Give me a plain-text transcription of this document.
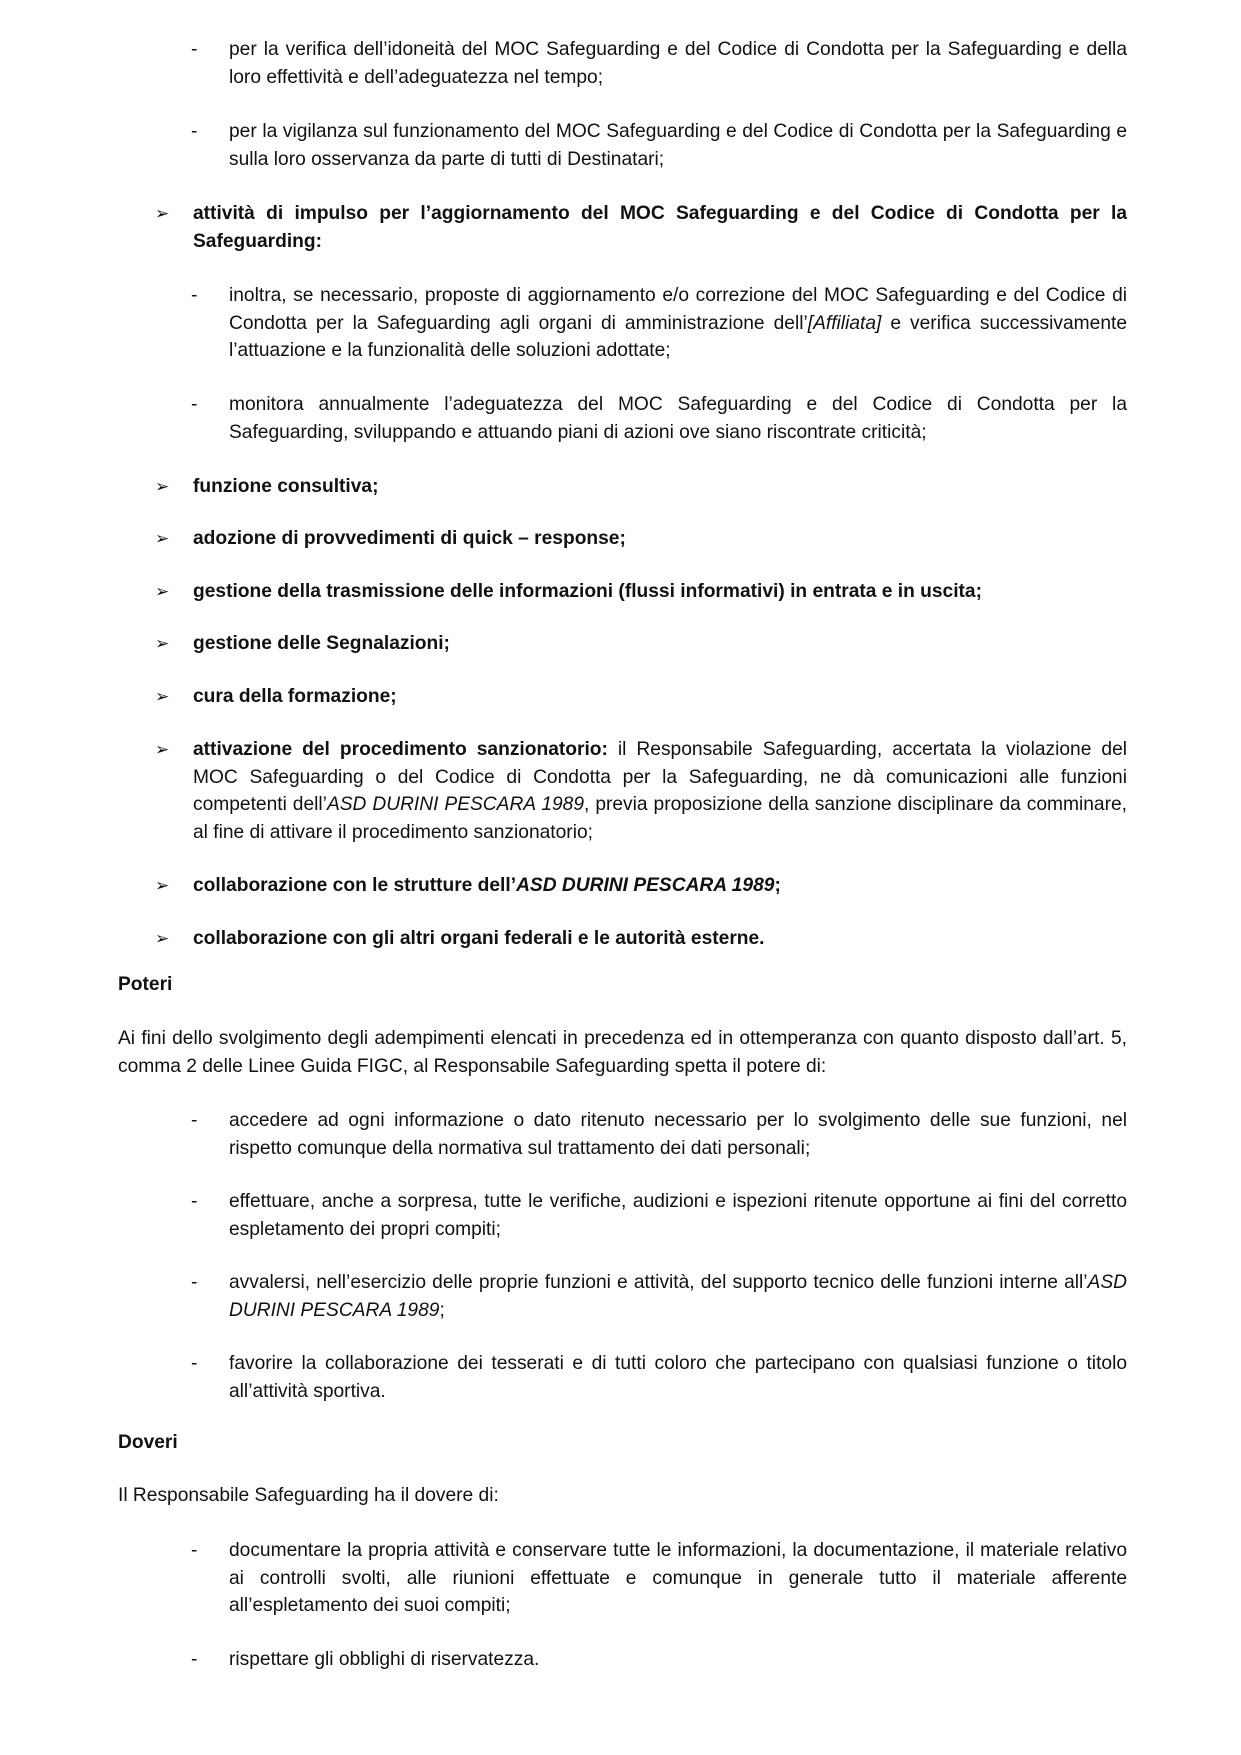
- per la verifica dell’idoneità del MOC Safeguarding e del Codice di Condotta per la Safeguarding e della loro effettività e dell’adeguatezza nel tempo;

- per la vigilanza sul funzionamento del MOC Safeguarding e del Codice di Condotta per la Safeguarding e sulla loro osservanza da parte di tutti di Destinatari;

➢ attività di impulso per l’aggiornamento del MOC Safeguarding e del Codice di Condotta per la Safeguarding:

- inoltra, se necessario, proposte di aggiornamento e/o correzione del MOC Safeguarding e del Codice di Condotta per la Safeguarding agli organi di amministrazione dell’[Affiliata] e verifica successivamente l’attuazione e la funzionalità delle soluzioni adottate;

- monitora annualmente l’adeguatezza del MOC Safeguarding e del Codice di Condotta per la Safeguarding, sviluppando e attuando piani di azioni ove siano riscontrate criticità;

➢ funzione consultiva;

➢ adozione di provvedimenti di quick – response;

➢ gestione della trasmissione delle informazioni (flussi informativi) in entrata e in uscita;

➢ gestione delle Segnalazioni;

➢ cura della formazione;

➢ attivazione del procedimento sanzionatorio: il Responsabile Safeguarding, accertata la violazione del MOC Safeguarding o del Codice di Condotta per la Safeguarding, ne dà comunicazioni alle funzioni competenti dell’ASD DURINI PESCARA 1989, previa proposizione della sanzione disciplinare da comminare, al fine di attivare il procedimento sanzionatorio;

➢ collaborazione con le strutture dell’ASD DURINI PESCARA 1989;

➢ collaborazione con gli altri organi federali e le autorità esterne.

Poteri

Ai fini dello svolgimento degli adempimenti elencati in precedenza ed in ottemperanza con quanto disposto dall’art. 5, comma 2 delle Linee Guida FIGC, al Responsabile Safeguarding spetta il potere di:

- accedere ad ogni informazione o dato ritenuto necessario per lo svolgimento delle sue funzioni, nel rispetto comunque della normativa sul trattamento dei dati personali;

- effettuare, anche a sorpresa, tutte le verifiche, audizioni e ispezioni ritenute opportune ai fini del corretto espletamento dei propri compiti;

- avvalersi, nell’esercizio delle proprie funzioni e attività, del supporto tecnico delle funzioni interne all’ASD DURINI PESCARA 1989;

- favorire la collaborazione dei tesserati e di tutti coloro che partecipano con qualsiasi funzione o titolo all’attività sportiva.

Doveri

Il Responsabile Safeguarding ha il dovere di:

- documentare la propria attività e conservare tutte le informazioni, la documentazione, il materiale relativo ai controlli svolti, alle riunioni effettuate e comunque in generale tutto il materiale afferente all’espletamento dei suoi compiti;

- rispettare gli obblighi di riservatezza.
